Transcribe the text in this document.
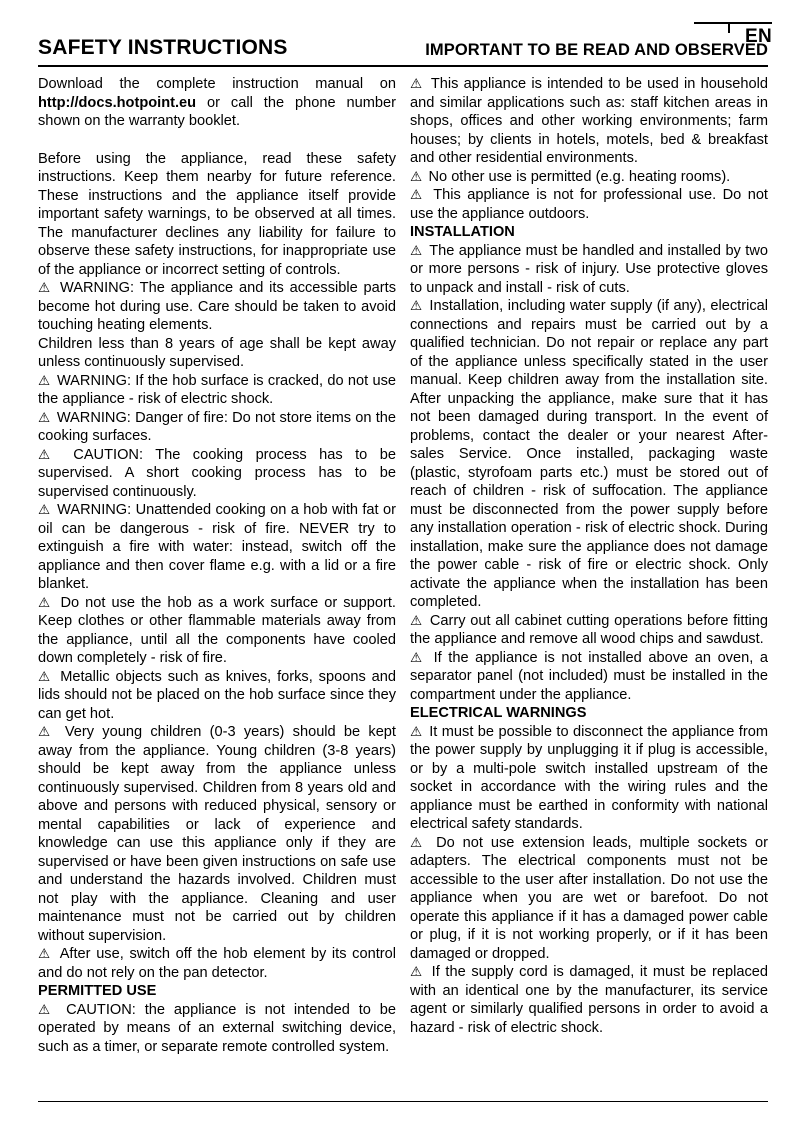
EN
SAFETY INSTRUCTIONS	IMPORTANT TO BE READ AND OBSERVED

Download the complete instruction manual on http://docs.hotpoint.eu or call the phone number shown on the warranty booklet.

Before using the appliance, read these safety instructions. Keep them nearby for future reference. These instructions and the appliance itself provide important safety warnings, to be observed at all times. The manufacturer declines any liability for failure to observe these safety instructions, for inappropriate use of the appliance or incorrect setting of controls.

⚠ WARNING: The appliance and its accessible parts become hot during use. Care should be taken to avoid touching heating elements.

Children less than 8 years of age shall be kept away unless continuously supervised.

⚠ WARNING: If the hob surface is cracked, do not use the appliance - risk of electric shock.

⚠ WARNING: Danger of fire: Do not store items on the cooking surfaces.

⚠ CAUTION: The cooking process has to be supervised. A short cooking process has to be supervised continuously.

⚠ WARNING: Unattended cooking on a hob with fat or oil can be dangerous - risk of fire. NEVER try to extinguish a fire with water: instead, switch off the appliance and then cover flame e.g. with a lid or a fire blanket.

⚠ Do not use the hob as a work surface or support. Keep clothes or other flammable materials away from the appliance, until all the components have cooled down completely - risk of fire.

⚠ Metallic objects such as knives, forks, spoons and lids should not be placed on the hob surface since they can get hot.

⚠ Very young children (0-3 years) should be kept away from the appliance. Young children (3-8 years) should be kept away from the appliance unless continuously supervised. Children from 8 years old and above and persons with reduced physical, sensory or mental capabilities or lack of experience and knowledge can use this appliance only if they are supervised or have been given instructions on safe use and understand the hazards involved. Children must not play with the appliance. Cleaning and user maintenance must not be carried out by children without supervision.

⚠ After use, switch off the hob element by its control and do not rely on the pan detector.

PERMITTED USE

⚠ CAUTION: the appliance is not intended to be operated by means of an external switching device, such as a timer, or separate remote controlled system.

⚠ This appliance is intended to be used in household and similar applications such as: staff kitchen areas in shops, offices and other working environments; farm houses; by clients in hotels, motels, bed & breakfast and other residential environments.

⚠ No other use is permitted (e.g. heating rooms).

⚠ This appliance is not for professional use. Do not use the appliance outdoors.

INSTALLATION

⚠ The appliance must be handled and installed by two or more persons - risk of injury. Use protective gloves to unpack and install - risk of cuts.

⚠ Installation, including water supply (if any), electrical connections and repairs must be carried out by a qualified technician. Do not repair or replace any part of the appliance unless specifically stated in the user manual. Keep children away from the installation site. After unpacking the appliance, make sure that it has not been damaged during transport. In the event of problems, contact the dealer or your nearest After-sales Service. Once installed, packaging waste (plastic, styrofoam parts etc.) must be stored out of reach of children - risk of suffocation. The appliance must be disconnected from the power supply before any installation operation - risk of electric shock. During installation, make sure the appliance does not damage the power cable - risk of fire or electric shock. Only activate the appliance when the installation has been completed.

⚠ Carry out all cabinet cutting operations before fitting the appliance and remove all wood chips and sawdust.

⚠ If the appliance is not installed above an oven, a separator panel (not included) must be installed in the compartment under the appliance.

ELECTRICAL WARNINGS

⚠ It must be possible to disconnect the appliance from the power supply by unplugging it if plug is accessible, or by a multi-pole switch installed upstream of the socket in accordance with the wiring rules and the appliance must be earthed in conformity with national electrical safety standards.

⚠ Do not use extension leads, multiple sockets or adapters. The electrical components must not be accessible to the user after installation. Do not use the appliance when you are wet or barefoot. Do not operate this appliance if it has a damaged power cable or plug, if it is not working properly, or if it has been damaged or dropped.

⚠ If the supply cord is damaged, it must be replaced with an identical one by the manufacturer, its service agent or similarly qualified persons in order to avoid a hazard - risk of electric shock.
